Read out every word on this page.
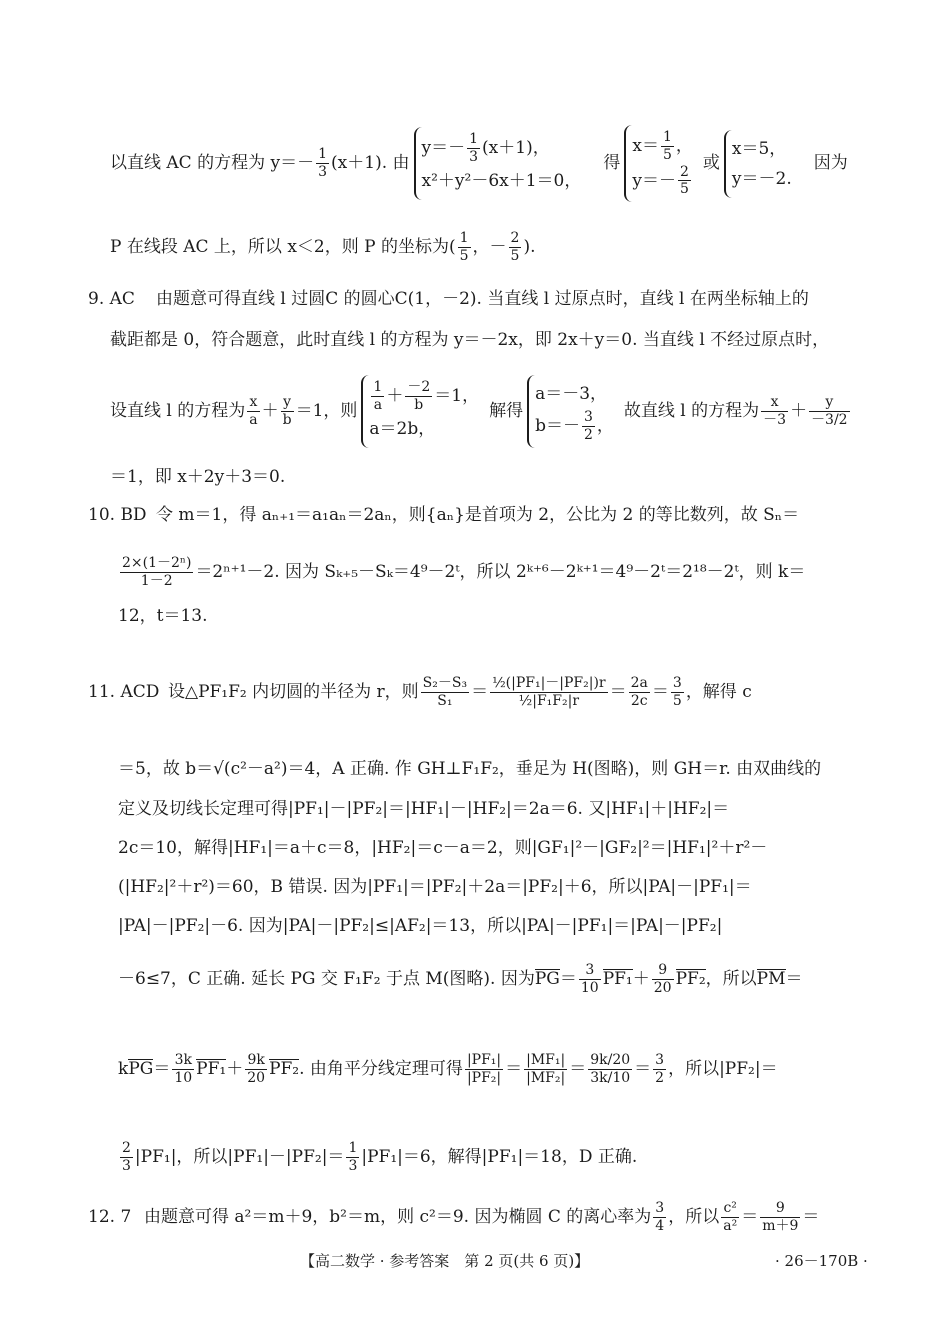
以直线 AC 的方程为 $y=- \frac{1}{3} (x+1)$. 由
$y=- \frac{1}{3} (x+1)$，
x²＋y²－6x＋1＝0，
得
$x= \frac{1}{5}$ ，
$y=- \frac{2}{5}$
或
x＝5，
y＝－2.
因为
P 在线段 AC 上，所以 x＜2，则 P 的坐标为( $\frac{1}{5}$ ，－ $\frac{2}{5}$ ).
9. AC 由题意可得直线 l 过圆C 的圆心C(1，－2). 当直线 l 过原点时，直线 l 在两坐标轴上的
截距都是 0，符合题意，此时直线 l 的方程为 y＝－2x，即 2x＋y＝0. 当直线 l 不经过原点时，
设直线 l 的方程为 $\frac{x}{a} + \frac{y}{b} =1$，则 $\frac{1}{a} + \frac{-2}{b} =1$，
a＝2b，
解得
a＝－3，
$b=- \frac{3}{2}$ ，
故直线 l 的方程为 $\frac{x}{-3} + \frac{y}{-3/2}$
＝1，即 x＋2y＋3＝0.
10. BD 令 m＝1，得 aₙ₊₁＝a₁aₙ＝2aₙ，则{aₙ}是首项为 2，公比为 2 的等比数列，故 Sₙ＝
$\frac{\text{2×(1－2ⁿ)}}{1-2} =2^{n+1}-2$. 因为 Sₖ₊₅－Sₖ＝4⁹－2ᵗ，所以 2ᵏ⁺⁶－2ᵏ⁺¹＝4⁹－2ᵗ＝2¹⁸－2ᵗ，则 k＝
12，t＝13.
11. ACD 设△PF₁F₂ 内切圆的半径为 r，则 $\frac{\text{S₂－S₃}}{\text{S₁}} = \frac{\text{½(|PF₁|－|PF₂|)r}}{\text{½|F₁F₂|r}} = \frac{2a}{2c} = \frac{3}{5}$ ，解得 c
＝5，故 b＝√(c²－a²)＝4，A 正确. 作 GH⊥F₁F₂，垂足为 H(图略)，则 GH＝r. 由双曲线的
定义及切线长定理可得|PF₁|－|PF₂|＝|HF₁|－|HF₂|＝2a＝6. 又|HF₁|＋|HF₂|＝
2c＝10，解得|HF₁|＝a＋c＝8，|HF₂|＝c－a＝2，则|GF₁|²－|GF₂|²＝|HF₁|²＋r²－
(|HF₂|²＋r²)＝60，B 错误. 因为|PF₁|＝|PF₂|＋2a＝|PF₂|＋6，所以|PA|－|PF₁|＝
|PA|－|PF₂|－6. 因为|PA|－|PF₂|≤|AF₂|＝13，所以|PA|－|PF₁|＝|PA|－|PF₂|
－6≤7，C 正确. 延长 PG 交 F₁F₂ 于点 M(图略). 因为$PG= \frac{3}{10} PF_1+ \frac{9}{20} PF_2$，所以PM＝
$kPG= \frac{3k}{10} PF_1+ \frac{9k}{20} PF_2$. 由角平分线定理可得 $\frac{\text{|PF₁|}}{\text{|PF₂|}} = \frac{\text{|MF₁|}}{\text{|MF₂|}} = \frac{9k/20}{3k/10} = \frac{3}{2}$ ，所以|PF₂|＝
$\frac{2}{3} |PF_1|$，所以$|PF_1|-|PF_2|= \frac{1}{3} |PF_1|=6$，解得|PF₁|＝18，D 正确.
12. 7 由题意可得 a²＝m＋9，b²＝m，则 c²＝9. 因为椭圆 C 的离心率为 $\frac{3}{4}$ ，所以 $\frac{\text{c²}}{\text{a²}} = \frac{9}{m+9}$ ＝
【高二数学 · 参考答案　第 2 页(共 6 页)】	· 26－170B ·
